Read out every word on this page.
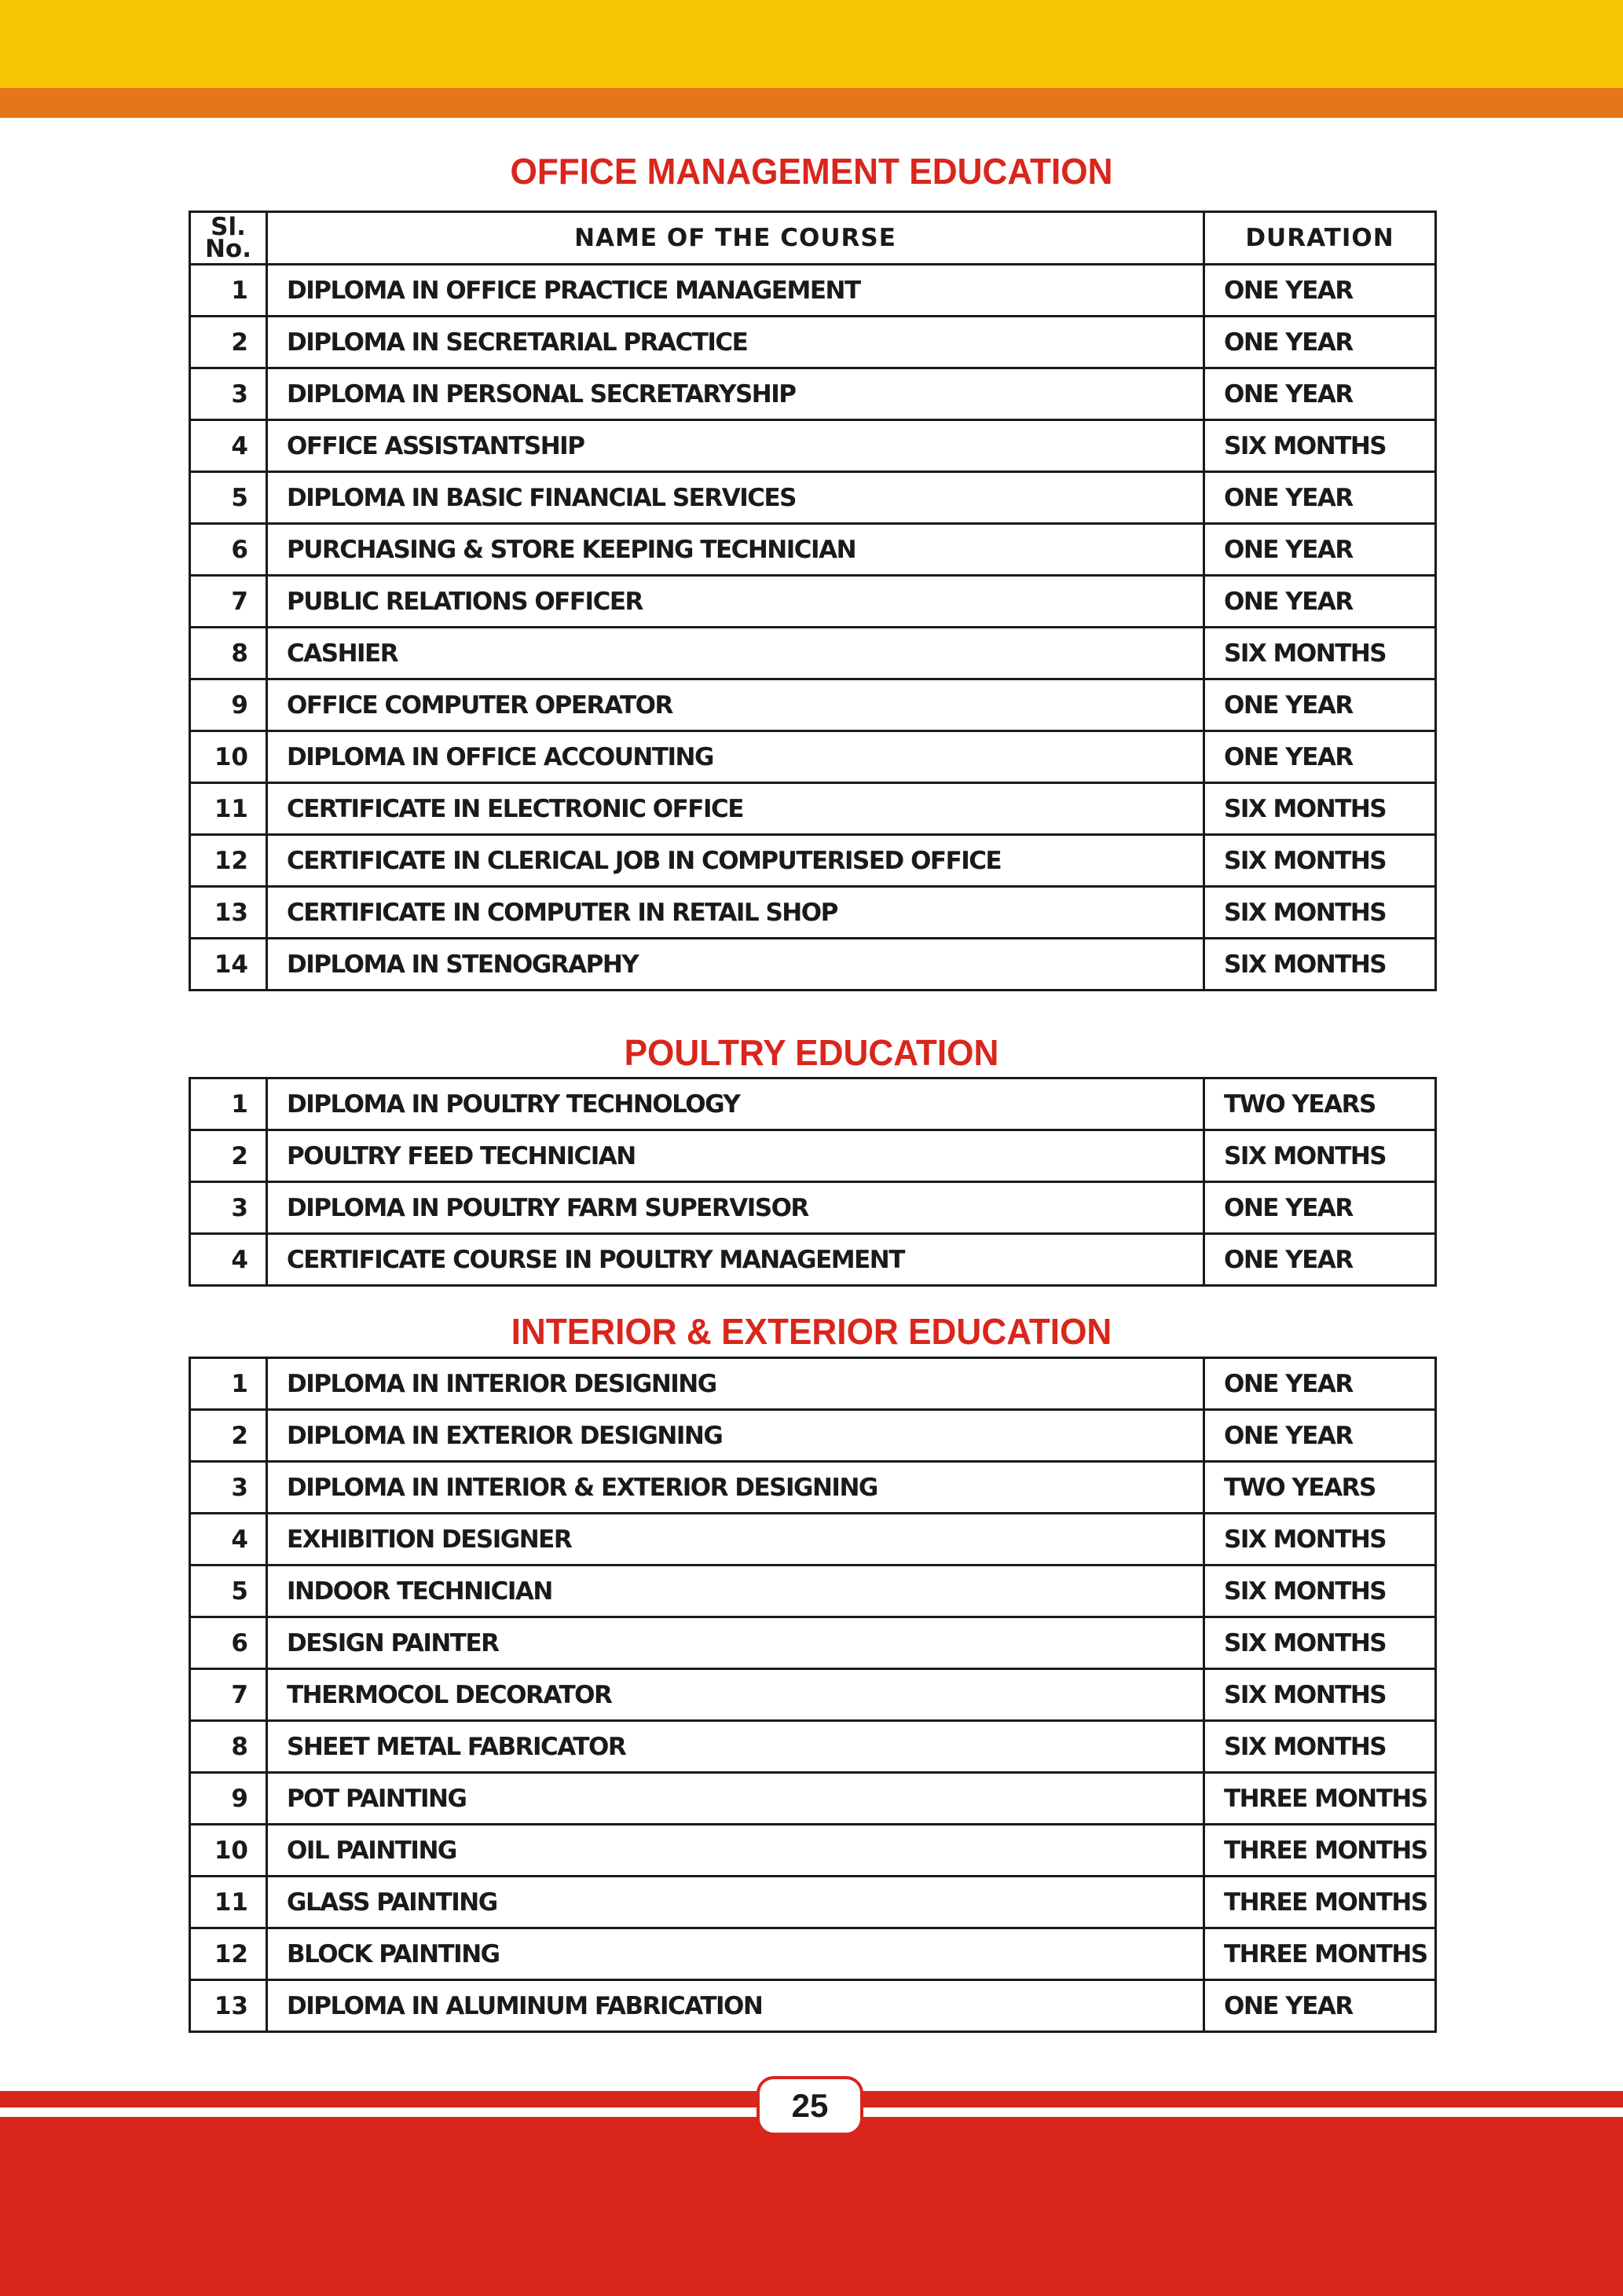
OFFICE MANAGEMENT EDUCATION
Sl.
No.	NAME OF THE COURSE	DURATION
1	DIPLOMA IN OFFICE PRACTICE MANAGEMENT	ONE YEAR
2	DIPLOMA IN SECRETARIAL PRACTICE	ONE YEAR
3	DIPLOMA IN PERSONAL SECRETARYSHIP	ONE YEAR
4	OFFICE ASSISTANTSHIP	SIX MONTHS
5	DIPLOMA IN BASIC FINANCIAL SERVICES	ONE YEAR
6	PURCHASING & STORE KEEPING TECHNICIAN	ONE YEAR
7	PUBLIC RELATIONS OFFICER	ONE YEAR
8	CASHIER	SIX MONTHS
9	OFFICE COMPUTER OPERATOR	ONE YEAR
10	DIPLOMA IN OFFICE ACCOUNTING	ONE YEAR
11	CERTIFICATE IN ELECTRONIC OFFICE	SIX MONTHS
12	CERTIFICATE IN CLERICAL JOB IN COMPUTERISED OFFICE	SIX MONTHS
13	CERTIFICATE IN COMPUTER IN RETAIL SHOP	SIX MONTHS
14	DIPLOMA IN STENOGRAPHY	SIX MONTHS
POULTRY EDUCATION
1	DIPLOMA IN POULTRY TECHNOLOGY	TWO YEARS
2	POULTRY FEED TECHNICIAN	SIX MONTHS
3	DIPLOMA IN POULTRY FARM SUPERVISOR	ONE YEAR
4	CERTIFICATE COURSE IN POULTRY MANAGEMENT	ONE YEAR
INTERIOR & EXTERIOR EDUCATION
1	DIPLOMA IN INTERIOR DESIGNING	ONE YEAR
2	DIPLOMA IN EXTERIOR DESIGNING	ONE YEAR
3	DIPLOMA IN INTERIOR & EXTERIOR DESIGNING	TWO YEARS
4	EXHIBITION DESIGNER	SIX MONTHS
5	INDOOR TECHNICIAN	SIX MONTHS
6	DESIGN PAINTER	SIX MONTHS
7	THERMOCOL DECORATOR	SIX MONTHS
8	SHEET METAL FABRICATOR	SIX MONTHS
9	POT PAINTING	THREE MONTHS
10	OIL PAINTING	THREE MONTHS
11	GLASS PAINTING	THREE MONTHS
12	BLOCK PAINTING	THREE MONTHS
13	DIPLOMA IN ALUMINUM FABRICATION	ONE YEAR
25
